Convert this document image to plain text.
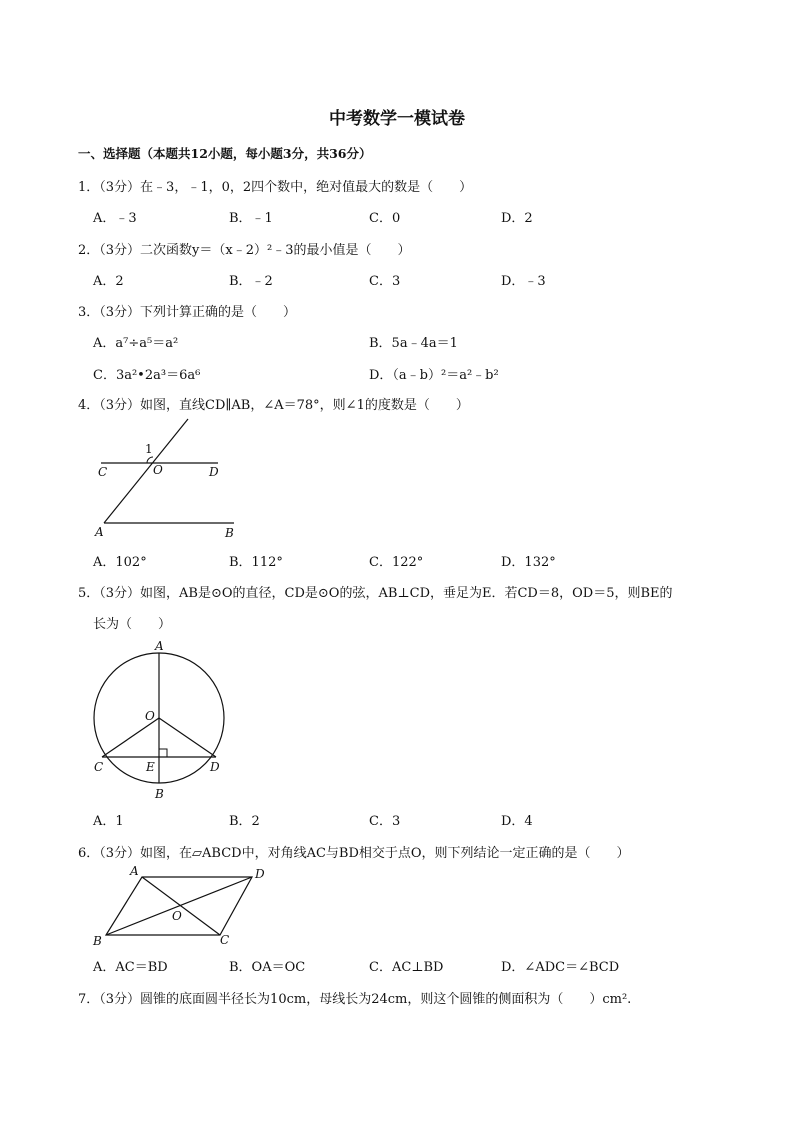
中考数学一模试卷
一、选择题（本题共12小题，每小题3分，共36分）
1．（3分）在﹣3，﹣1，0，2四个数中，绝对值最大的数是（　　）
A．﹣3	B．﹣1	C．0	D．2
2．（3分）二次函数y＝（x﹣2）²﹣3的最小值是（　　）
A．2	B．﹣2	C．3	D．﹣3
3．（3分）下列计算正确的是（　　）
A．a⁷÷a⁵＝a²	B．5a﹣4a＝1
C．3a²•2a³＝6a⁶	D．（a﹣b）²＝a²﹣b²
4．（3分）如图，直线CD∥AB，∠A＝78°，则∠1的度数是（　　）
1
C	O	D
A	B
A．102°	B．112°	C．122°	D．132°
5．（3分）如图，AB是⊙O的直径，CD是⊙O的弦，AB⊥CD，垂足为E．若CD＝8，OD＝5，则BE的
长为（　　）
A
O
C	E	D
B
A．1	B．2	C．3	D．4
6．（3分）如图，在▱ABCD中，对角线AC与BD相交于点O，则下列结论一定正确的是（　　）
A	D
O
B	C
A．AC＝BD	B．OA＝OC	C．AC⊥BD	D．∠ADC＝∠BCD
7．（3分）圆锥的底面圆半径长为10cm，母线长为24cm，则这个圆锥的侧面积为（　　）cm².
